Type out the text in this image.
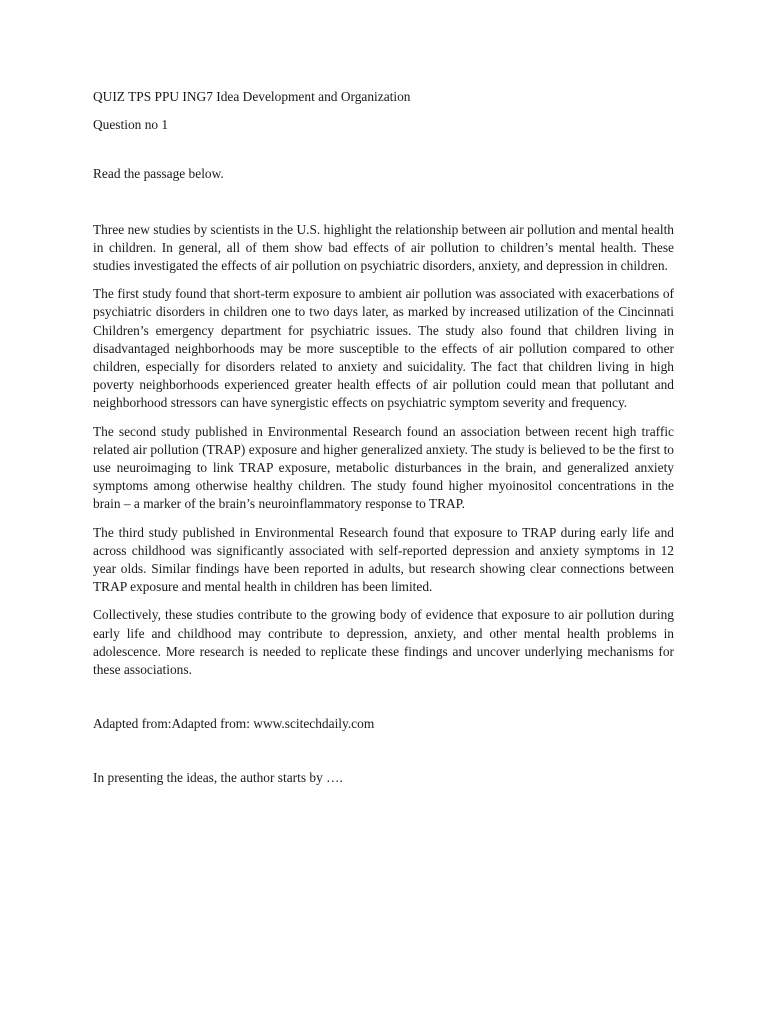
QUIZ TPS PPU ING7 Idea Development and Organization

Question no 1

Read the passage below.

Three new studies by scientists in the U.S. highlight the relationship between air pollution and mental health in children. In general, all of them show bad effects of air pollution to children’s mental health. These studies investigated the effects of air pollution on psychiatric disorders, anxiety, and depression in children.

The first study found that short-term exposure to ambient air pollution was associated with exacerbations of psychiatric disorders in children one to two days later, as marked by increased utilization of the Cincinnati Children’s emergency department for psychiatric issues. The study also found that children living in disadvantaged neighborhoods may be more susceptible to the effects of air pollution compared to other children, especially for disorders related to anxiety and suicidality. The fact that children living in high poverty neighborhoods experienced greater health effects of air pollution could mean that pollutant and neighborhood stressors can have synergistic effects on psychiatric symptom severity and frequency.

The second study published in Environmental Research found an association between recent high traffic related air pollution (TRAP) exposure and higher generalized anxiety. The study is believed to be the first to use neuroimaging to link TRAP exposure, metabolic disturbances in the brain, and generalized anxiety symptoms among otherwise healthy children. The study found higher myoinositol concentrations in the brain – a marker of the brain’s neuroinflammatory response to TRAP.

The third study published in Environmental Research found that exposure to TRAP during early life and across childhood was significantly associated with self-reported depression and anxiety symptoms in 12 year olds. Similar findings have been reported in adults, but research showing clear connections between TRAP exposure and mental health in children has been limited.

Collectively, these studies contribute to the growing body of evidence that exposure to air pollution during early life and childhood may contribute to depression, anxiety, and other mental health problems in adolescence. More research is needed to replicate these findings and uncover underlying mechanisms for these associations.

Adapted from:Adapted from: www.scitechdaily.com

In presenting the ideas, the author starts by ….
